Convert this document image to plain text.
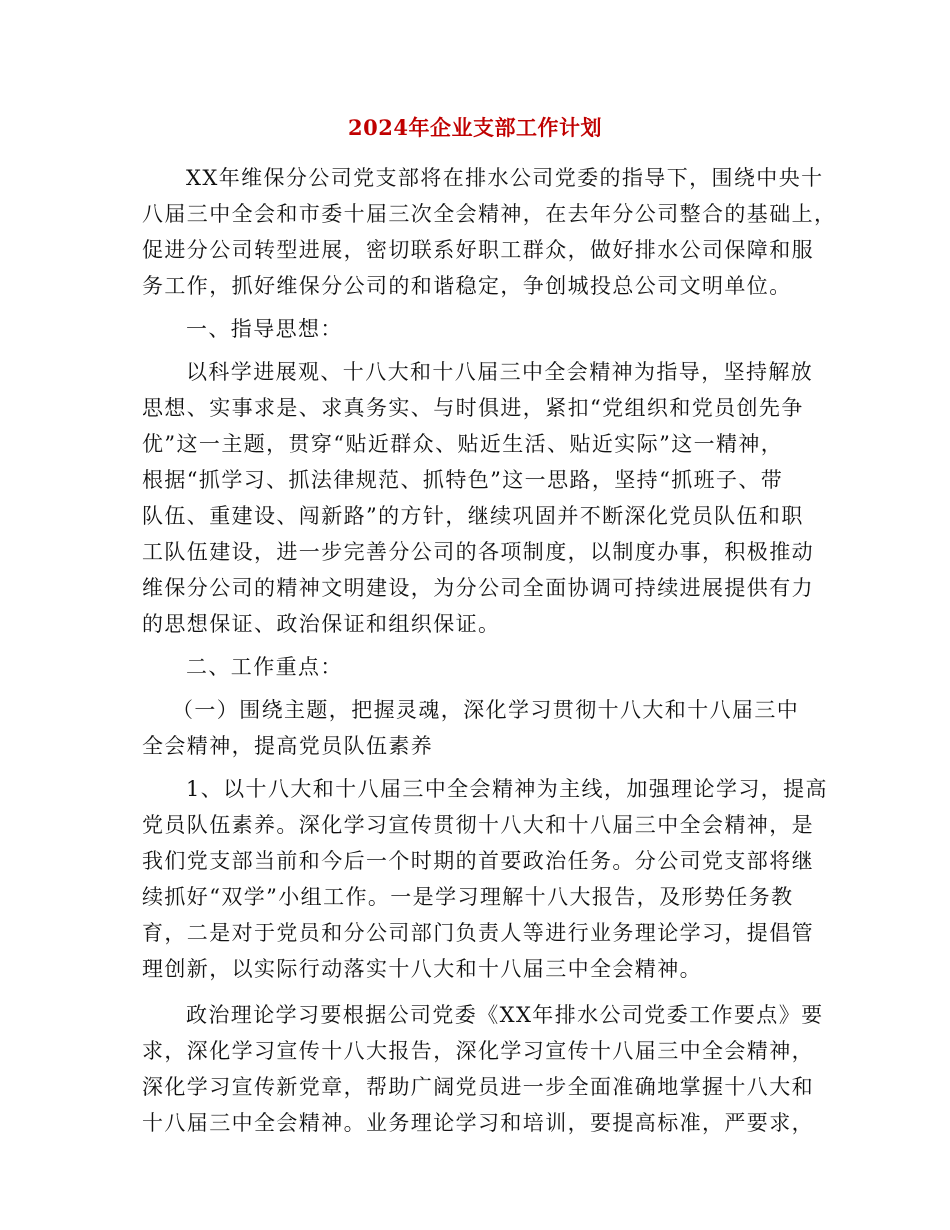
2024年企业支部工作计划
XX年维保分公司党支部将在排水公司党委的指导下，围绕中央十
八届三中全会和市委十届三次全会精神，在去年分公司整合的基础上，
促进分公司转型进展，密切联系好职工群众，做好排水公司保障和服
务工作，抓好维保分公司的和谐稳定，争创城投总公司文明单位。
一、指导思想：
以科学进展观、十八大和十八届三中全会精神为指导，坚持解放
思想、实事求是、求真务实、与时俱进，紧扣“党组织和党员创先争
优”这一主题，贯穿“贴近群众、贴近生活、贴近实际”这一精神，
根据“抓学习、抓法律规范、抓特色”这一思路，坚持“抓班子、带
队伍、重建设、闯新路”的方针，继续巩固并不断深化党员队伍和职
工队伍建设，进一步完善分公司的各项制度，以制度办事，积极推动
维保分公司的精神文明建设，为分公司全面协调可持续进展提供有力
的思想保证、政治保证和组织保证。
二、工作重点：
（一）围绕主题，把握灵魂，深化学习贯彻十八大和十八届三中
全会精神，提高党员队伍素养
1、以十八大和十八届三中全会精神为主线，加强理论学习，提高
党员队伍素养。深化学习宣传贯彻十八大和十八届三中全会精神，是
我们党支部当前和今后一个时期的首要政治任务。分公司党支部将继
续抓好“双学”小组工作。一是学习理解十八大报告，及形势任务教
育，二是对于党员和分公司部门负责人等进行业务理论学习，提倡管
理创新，以实际行动落实十八大和十八届三中全会精神。
政治理论学习要根据公司党委《XX年排水公司党委工作要点》要
求，深化学习宣传十八大报告，深化学习宣传十八届三中全会精神，
深化学习宣传新党章，帮助广阔党员进一步全面准确地掌握十八大和
十八届三中全会精神。业务理论学习和培训，要提高标准，严要求，
